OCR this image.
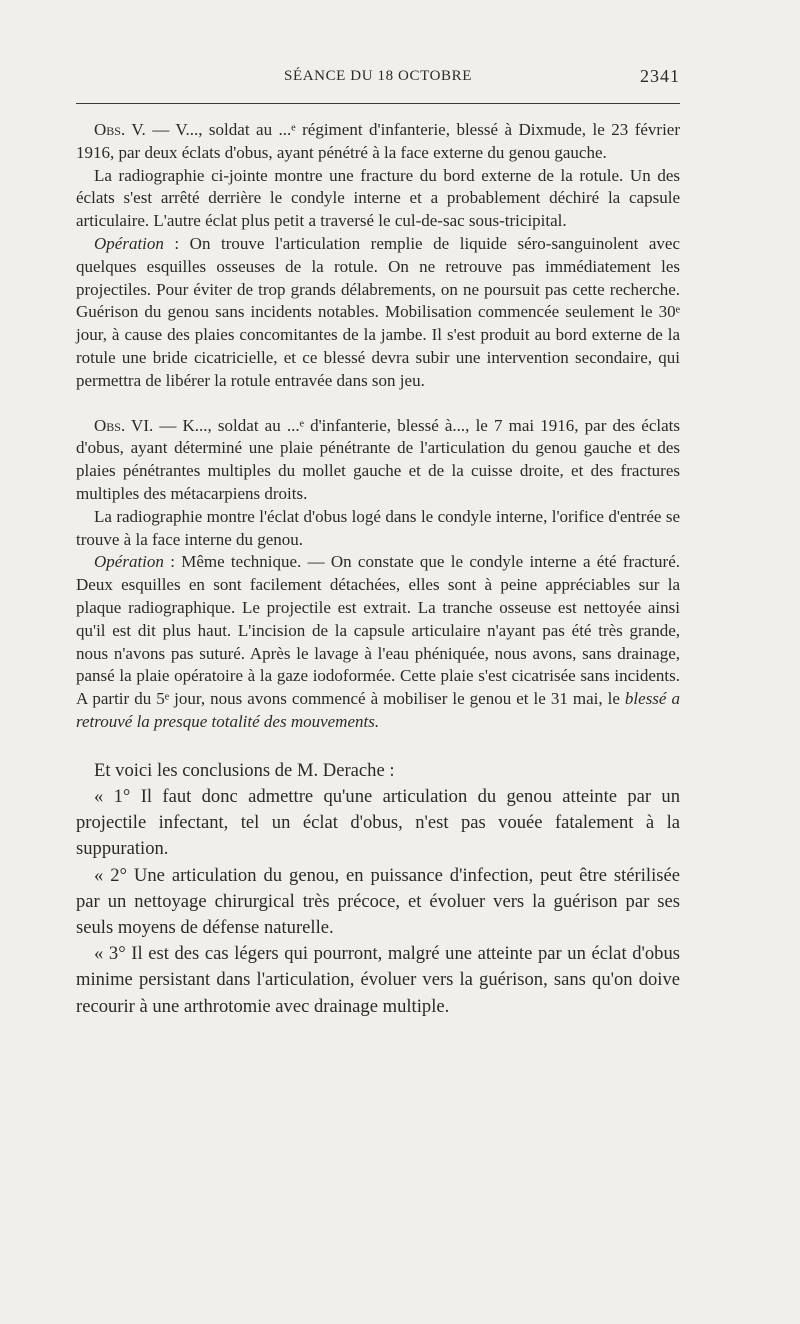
SÉANCE DU 18 OCTOBRE	2341

Obs. V. — V..., soldat au ...ᵉ régiment d'infanterie, blessé à Dixmude, le 23 février 1916, par deux éclats d'obus, ayant pénétré à la face externe du genou gauche.

La radiographie ci-jointe montre une fracture du bord externe de la rotule. Un des éclats s'est arrêté derrière le condyle interne et a probablement déchiré la capsule articulaire. L'autre éclat plus petit a traversé le cul-de-sac sous-tricipital.

Opération : On trouve l'articulation remplie de liquide séro-sanguinolent avec quelques esquilles osseuses de la rotule. On ne retrouve pas immédiatement les projectiles. Pour éviter de trop grands délabrements, on ne poursuit pas cette recherche. Guérison du genou sans incidents notables. Mobilisation commencée seulement le 30ᵉ jour, à cause des plaies concomitantes de la jambe. Il s'est produit au bord externe de la rotule une bride cicatricielle, et ce blessé devra subir une intervention secondaire, qui permettra de libérer la rotule entravée dans son jeu.

Obs. VI. — K..., soldat au ...ᵉ d'infanterie, blessé à..., le 7 mai 1916, par des éclats d'obus, ayant déterminé une plaie pénétrante de l'articulation du genou gauche et des plaies pénétrantes multiples du mollet gauche et de la cuisse droite, et des fractures multiples des métacarpiens droits.

La radiographie montre l'éclat d'obus logé dans le condyle interne, l'orifice d'entrée se trouve à la face interne du genou.

Opération : Même technique. — On constate que le condyle interne a été fracturé. Deux esquilles en sont facilement détachées, elles sont à peine appréciables sur la plaque radiographique. Le projectile est extrait. La tranche osseuse est nettoyée ainsi qu'il est dit plus haut. L'incision de la capsule articulaire n'ayant pas été très grande, nous n'avons pas suturé. Après le lavage à l'eau phéniquée, nous avons, sans drainage, pansé la plaie opératoire à la gaze iodoformée. Cette plaie s'est cicatrisée sans incidents. A partir du 5ᵉ jour, nous avons commencé à mobiliser le genou et le 31 mai, le blessé a retrouvé la presque totalité des mouvements.

Et voici les conclusions de M. Derache :

« 1° Il faut donc admettre qu'une articulation du genou atteinte par un projectile infectant, tel un éclat d'obus, n'est pas vouée fatalement à la suppuration.

« 2° Une articulation du genou, en puissance d'infection, peut être stérilisée par un nettoyage chirurgical très précoce, et évoluer vers la guérison par ses seuls moyens de défense naturelle.

« 3° Il est des cas légers qui pourront, malgré une atteinte par un éclat d'obus minime persistant dans l'articulation, évoluer vers la guérison, sans qu'on doive recourir à une arthrotomie avec drainage multiple.
